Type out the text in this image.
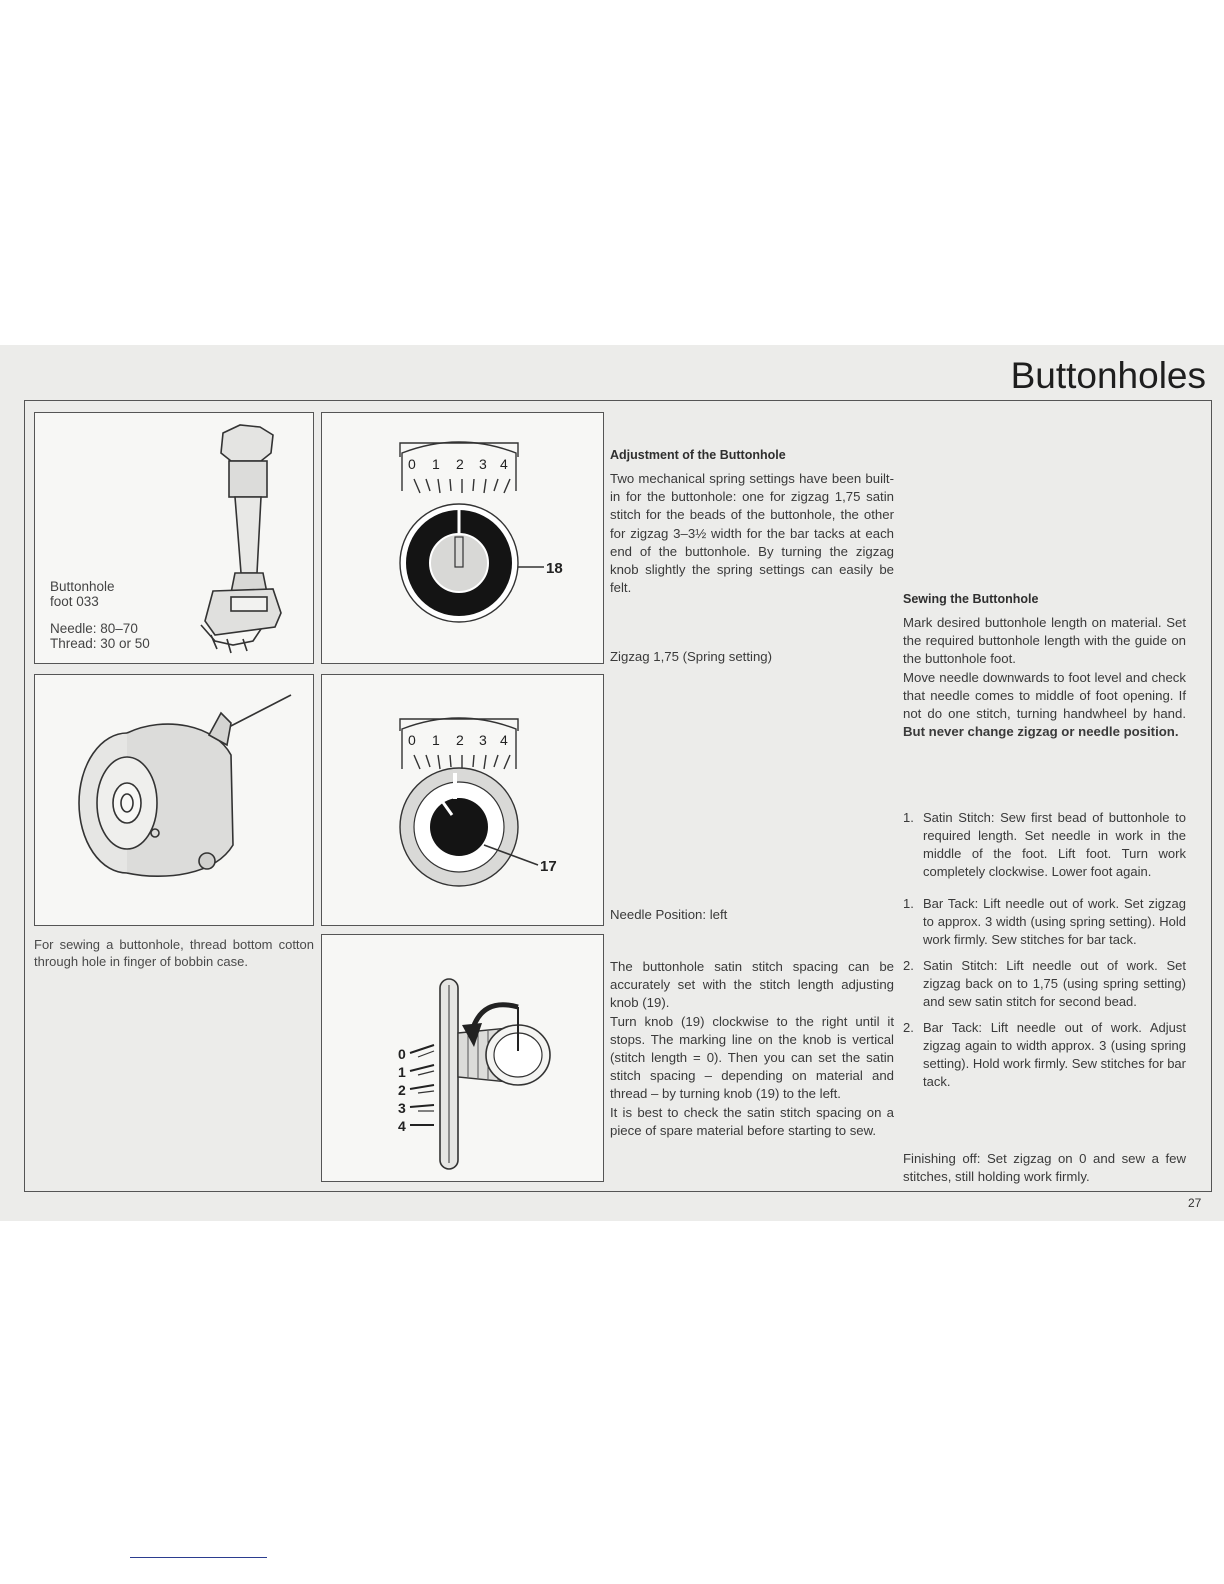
Buttonholes
Buttonhole
foot 033
Needle: 80–70
Thread: 30 or 50
For sewing a buttonhole, thread bottom cotton through hole in finger of bobbin case.
0 1 2 3 4
18
0 1 2 3 4
17
0
1
2
3
4

Adjustment of the Buttonhole

Two mechanical spring settings have been built-in for the buttonhole: one for zigzag 1,75 satin stitch for the beads of the buttonhole, the other for zigzag 3–3½ width for the bar tacks at each end of the buttonhole. By turning the zigzag knob slightly the spring settings can easily be felt.

Zigzag 1,75 (Spring setting)
Needle Position: left

The buttonhole satin stitch spacing can be accurately set with the stitch length adjusting knob (19).

Turn knob (19) clockwise to the right until it stops. The marking line on the knob is vertical (stitch length = 0). Then you can set the satin stitch spacing – depending on material and thread – by turning knob (19) to the left.

It is best to check the satin stitch spacing on a piece of spare material before starting to sew.

Sewing the Buttonhole

Mark desired buttonhole length on material. Set the required buttonhole length with the guide on the buttonhole foot.

Move needle downwards to foot level and check that needle comes to middle of foot opening. If not do one stitch, turning handwheel by hand. But never change zigzag or needle position.

1. Satin Stitch: Sew first bead of buttonhole to required length. Set needle in work in the middle of the foot. Lift foot. Turn work completely clockwise. Lower foot again.
1. Bar Tack: Lift needle out of work. Set zigzag to approx. 3 width (using spring setting). Hold work firmly. Sew stitches for bar tack.
2. Satin Stitch: Lift needle out of work. Set zigzag back on to 1,75 (using spring setting) and sew satin stitch for second bead.
2. Bar Tack: Lift needle out of work. Adjust zigzag again to width approx. 3 (using spring setting). Hold work firmly. Sew stitches for bar tack.
Finishing off: Set zigzag on 0 and sew a few stitches, still holding work firmly.
27
